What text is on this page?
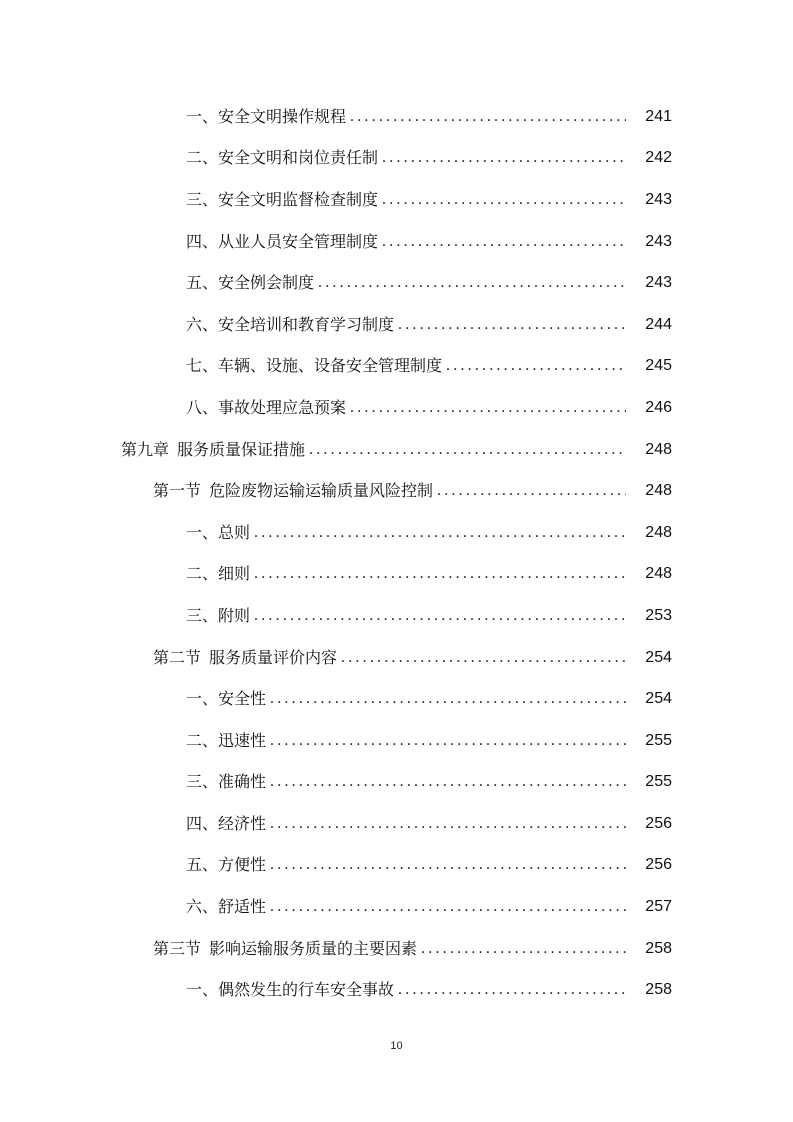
一、 安全文明操作规程 .....	241
二、 安全文明和岗位责任制 .....	242
三、 安全文明监督检查制度 .....	243
四、 从业人员安全管理制度 .....	243
五、 安全例会制度 .....	243
六、 安全培训和教育学习制度 .....	244
七、 车辆、设施、设备安全管理制度 .....	245
八、 事故处理应急预案 .....	246
第九章 服务质量保证措施 .....	248
第一节 危险废物运输运输质量风险控制 .....	248
一、 总则 .....	248
二、 细则 .....	248
三、 附则 .....	253
第二节 服务质量评价内容 .....	254
一、 安全性 .....	254
二、 迅速性 .....	255
三、 准确性 .....	255
四、 经济性 .....	256
五、 方便性 .....	256
六、 舒适性 .....	257
第三节 影响运输服务质量的主要因素 .....	258
一、 偶然发生的行车安全事故 .....	258
10
